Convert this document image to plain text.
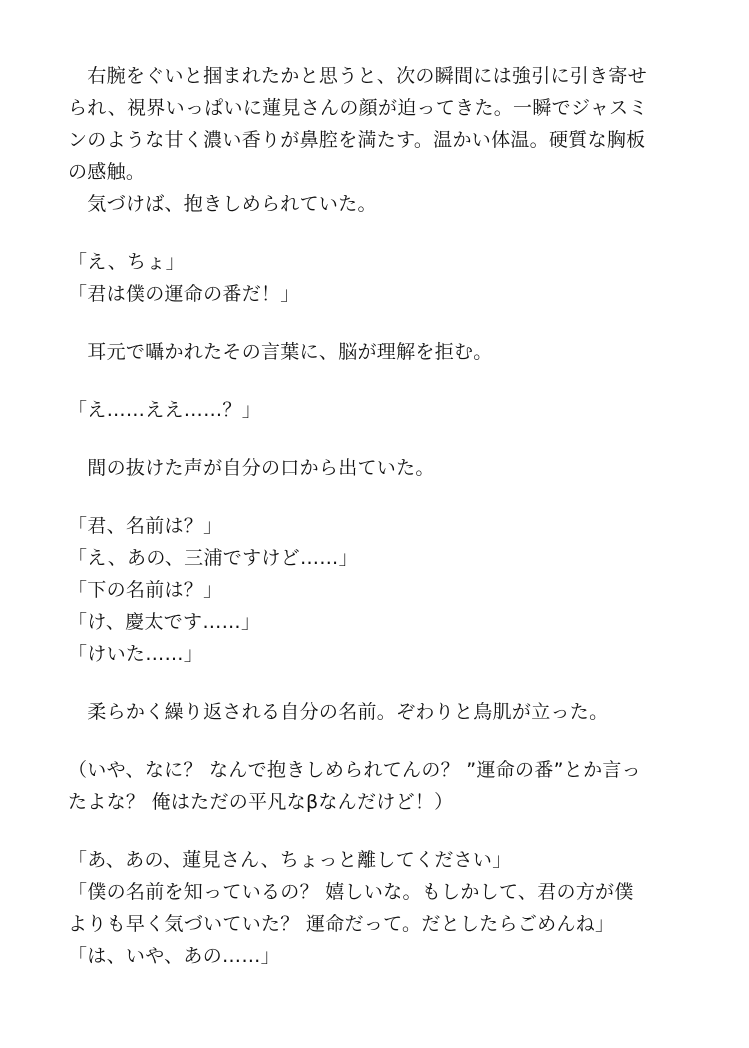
　右腕をぐいと掴まれたかと思うと、次の瞬間には強引に引き寄せ
られ、視界いっぱいに蓮見さんの顔が迫ってきた。一瞬でジャスミ
ンのような甘く濃い香りが鼻腔を満たす。温かい体温。硬質な胸板
の感触。
　気づけば、抱きしめられていた。
「え、ちょ」
「君は僕の運命の番だ！」
　耳元で囁かれたその言葉に、脳が理解を拒む。
「え……ええ……？」
　間の抜けた声が自分の口から出ていた。
「君、名前は？」
「え、あの、三浦ですけど……」
「下の名前は？」
「け、慶太です……」
「けいた……」
　柔らかく繰り返される自分の名前。ぞわりと鳥肌が立った。
（いや、なに？ なんで抱きしめられてんの？ ”運命の番”とか言っ
たよな？ 俺はただの平凡なβなんだけど！）
「あ、あの、蓮見さん、ちょっと離してください」
「僕の名前を知っているの？ 嬉しいな。もしかして、君の方が僕
よりも早く気づいていた？ 運命だって。だとしたらごめんね」
「は、いや、あの……」
